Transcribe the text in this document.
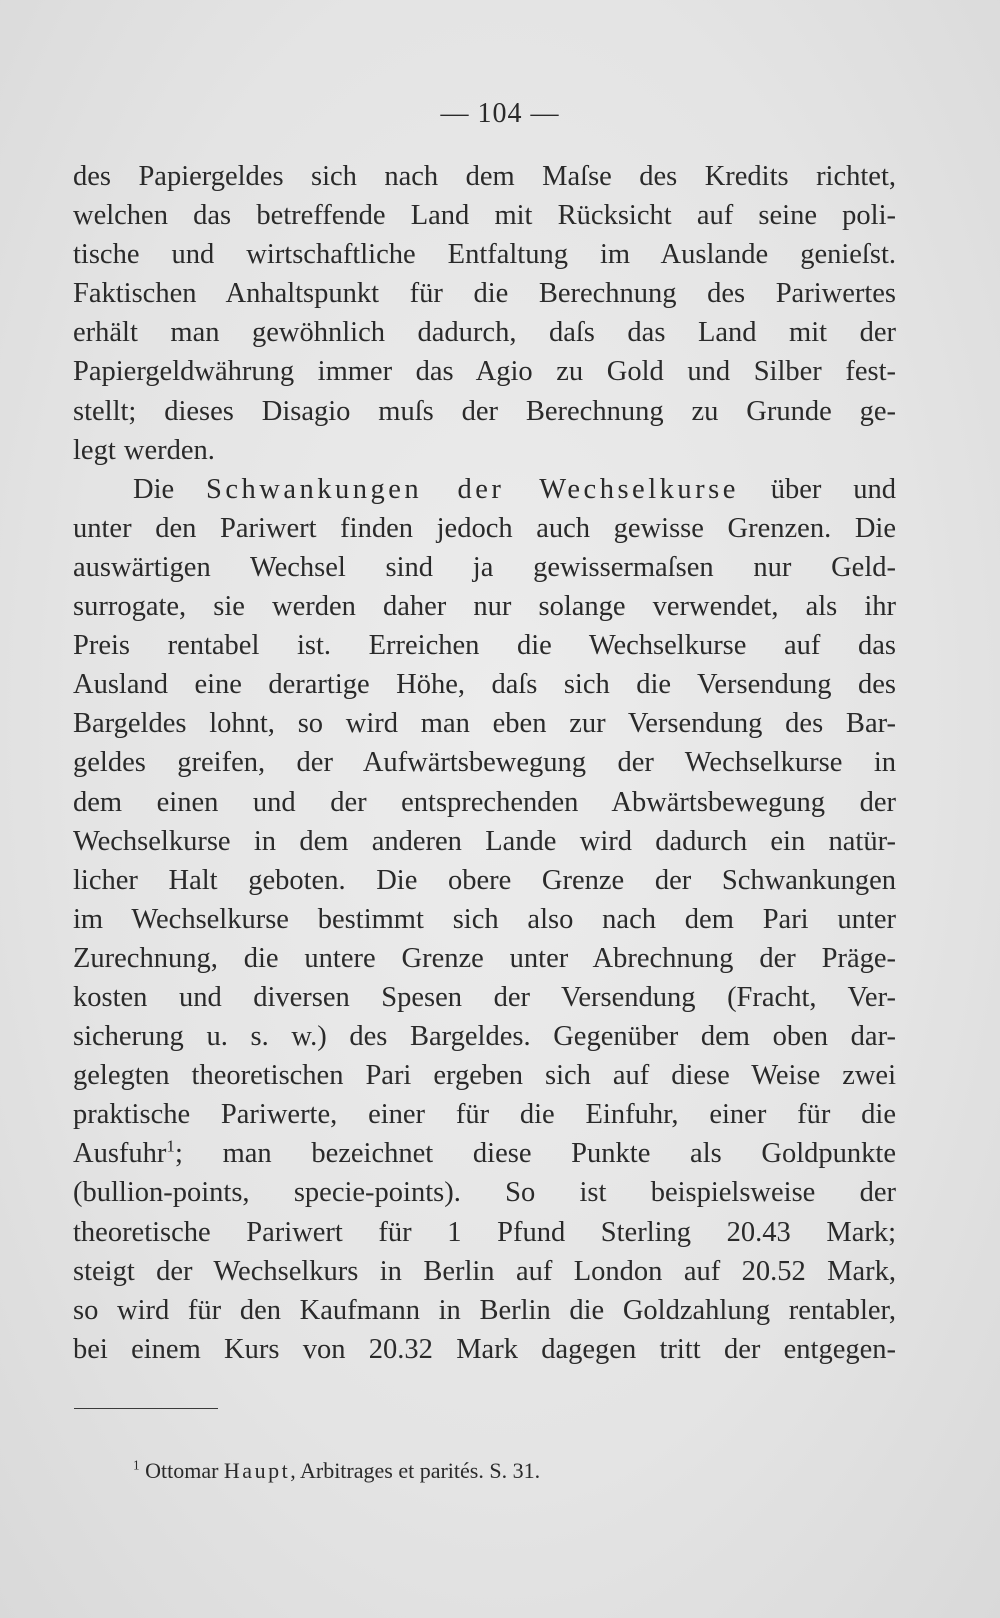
— 104 —
des Papiergeldes sich nach dem Maſse des Kredits richtet,
welchen das betreffende Land mit Rücksicht auf seine poli-
tische und wirtschaftliche Entfaltung im Auslande genieſst.
Faktischen Anhaltspunkt für die Berechnung des Pariwertes
erhält man gewöhnlich dadurch, daſs das Land mit der
Papiergeldwährung immer das Agio zu Gold und Silber fest-
stellt; dieses Disagio muſs der Berechnung zu Grunde ge-
legt werden.
Die Schwankungen der Wechselkurse über und
unter den Pariwert finden jedoch auch gewisse Grenzen. Die
auswärtigen Wechsel sind ja gewissermaſsen nur Geld-
surrogate, sie werden daher nur solange verwendet, als ihr
Preis rentabel ist. Erreichen die Wechselkurse auf das
Ausland eine derartige Höhe, daſs sich die Versendung des
Bargeldes lohnt, so wird man eben zur Versendung des Bar-
geldes greifen, der Aufwärtsbewegung der Wechselkurse in
dem einen und der entsprechenden Abwärtsbewegung der
Wechselkurse in dem anderen Lande wird dadurch ein natür-
licher Halt geboten. Die obere Grenze der Schwankungen
im Wechselkurse bestimmt sich also nach dem Pari unter
Zurechnung, die untere Grenze unter Abrechnung der Präge-
kosten und diversen Spesen der Versendung (Fracht, Ver-
sicherung u. s. w.) des Bargeldes. Gegenüber dem oben dar-
gelegten theoretischen Pari ergeben sich auf diese Weise zwei
praktische Pariwerte, einer für die Einfuhr, einer für die
Ausfuhr$^1$; man bezeichnet diese Punkte als Goldpunkte
(bullion-points, specie-points). So ist beispielsweise der
theoretische Pariwert für 1 Pfund Sterling 20.43 Mark;
steigt der Wechselkurs in Berlin auf London auf 20.52 Mark,
so wird für den Kaufmann in Berlin die Goldzahlung rentabler,
bei einem Kurs von 20.32 Mark dagegen tritt der entgegen-
$^1$ Ottomar Haupt, Arbitrages et parités. S. 31.
